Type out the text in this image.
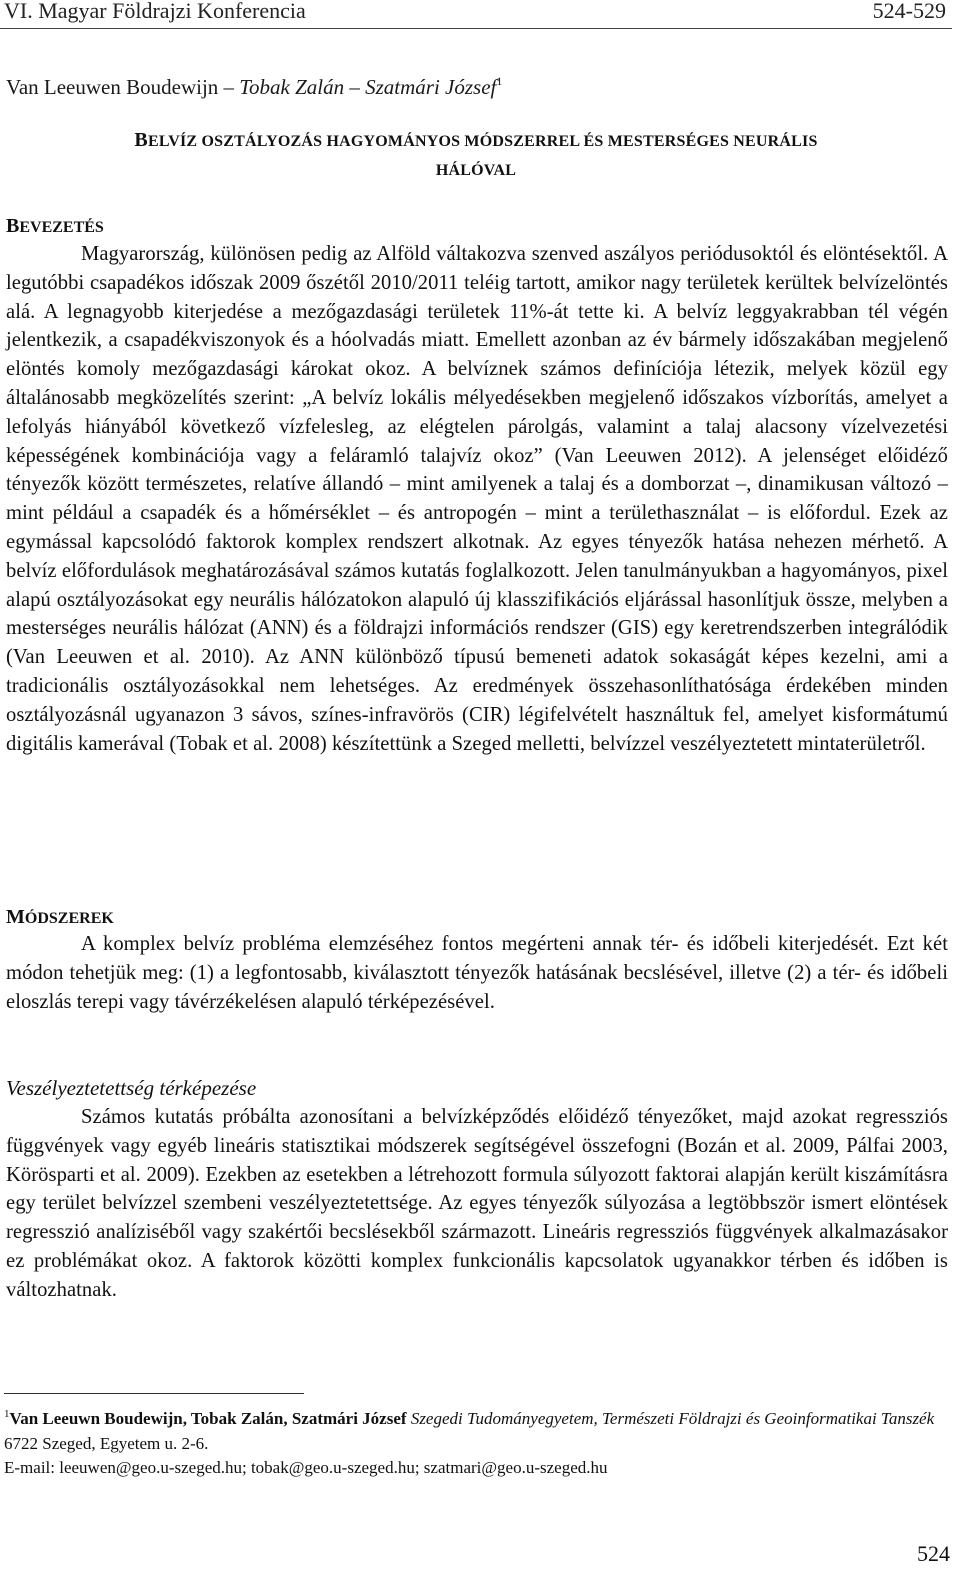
VI. Magyar Földrajzi Konferencia	524-529
Van Leeuwen Boudewijn – Tobak Zalán – Szatmári József$^1$
BELVÍZ OSZTÁLYOZÁS HAGYOMÁNYOS MÓDSZERREL ÉS MESTERSÉGES NEURÁLIS
HÁLÓVAL
BEVEZETÉS

Magyarország, különösen pedig az Alföld váltakozva szenved aszályos periódusoktól és elöntésektől. A legutóbbi csapadékos időszak 2009 őszétől 2010/2011 teléig tartott, amikor nagy területek kerültek belvízelöntés alá. A legnagyobb kiterjedése a mezőgazdasági területek 11%-át tette ki. A belvíz leggyakrabban tél végén jelentkezik, a csapadékviszonyok és a hóolvadás miatt. Emellett azonban az év bármely időszakában megjelenő elöntés komoly mezőgazdasági károkat okoz. A belvíznek számos definíciója létezik, melyek közül egy általánosabb megközelítés szerint: „A belvíz lokális mélyedésekben megjelenő időszakos vízborítás, amelyet a lefolyás hiányából következő vízfelesleg, az elégtelen párolgás, valamint a talaj alacsony vízelvezetési képességének kombinációja vagy a feláramló talajvíz okoz” (Van Leeuwen 2012). A jelenséget előidéző tényezők között természetes, relatíve állandó – mint amilyenek a talaj és a domborzat –, dinamikusan változó – mint például a csapadék és a hőmérséklet – és antropogén – mint a területhasználat – is előfordul. Ezek az egymással kapcsolódó faktorok komplex rendszert alkotnak. Az egyes tényezők hatása nehezen mérhető. A belvíz előfordulások meghatározásával számos kutatás foglalkozott. Jelen tanulmányukban a hagyományos, pixel alapú osztályozásokat egy neurális hálózatokon alapuló új klasszifikációs eljárással hasonlítjuk össze, melyben a mesterséges neurális hálózat (ANN) és a földrajzi információs rendszer (GIS) egy keretrendszerben integrálódik (Van Leeuwen et al. 2010). Az ANN különböző típusú bemeneti adatok sokaságát képes kezelni, ami a tradicionális osztályozásokkal nem lehetséges. Az eredmények összehasonlíthatósága érdekében minden osztályozásnál ugyanazon 3 sávos, színes-infravörös (CIR) légifelvételt használtuk fel, amelyet kisformátumú digitális kamerával (Tobak et al. 2008) készítettünk a Szeged melletti, belvízzel veszélyeztetett mintaterületről.

MÓDSZEREK

A komplex belvíz probléma elemzéséhez fontos megérteni annak tér- és időbeli kiterjedését. Ezt két módon tehetjük meg: (1) a legfontosabb, kiválasztott tényezők hatásának becslésével, illetve (2) a tér- és időbeli eloszlás terepi vagy távérzékelésen alapuló térképezésével.

Veszélyeztetettség térképezése

Számos kutatás próbálta azonosítani a belvízképződés előidéző tényezőket, majd azokat regressziós függvények vagy egyéb lineáris statisztikai módszerek segítségével összefogni (Bozán et al. 2009, Pálfai 2003, Körösparti et al. 2009). Ezekben az esetekben a létrehozott formula súlyozott faktorai alapján került kiszámításra egy terület belvízzel szembeni veszélyeztetettsége. Az egyes tényezők súlyozása a legtöbbször ismert elöntések regresszió analíziséből vagy szakértői becslésekből származott. Lineáris regressziós függvények alkalmazásakor ez problémákat okoz. A faktorok közötti komplex funkcionális kapcsolatok ugyanakkor térben és időben is változhatnak.

$^1$Van Leeuwn Boudewijn, Tobak Zalán, Szatmári József Szegedi Tudományegyetem, Természeti Földrajzi és Geoinformatikai Tanszék
6722 Szeged, Egyetem u. 2-6.
E-mail: leeuwen@geo.u-szeged.hu; tobak@geo.u-szeged.hu; szatmari@geo.u-szeged.hu
524
